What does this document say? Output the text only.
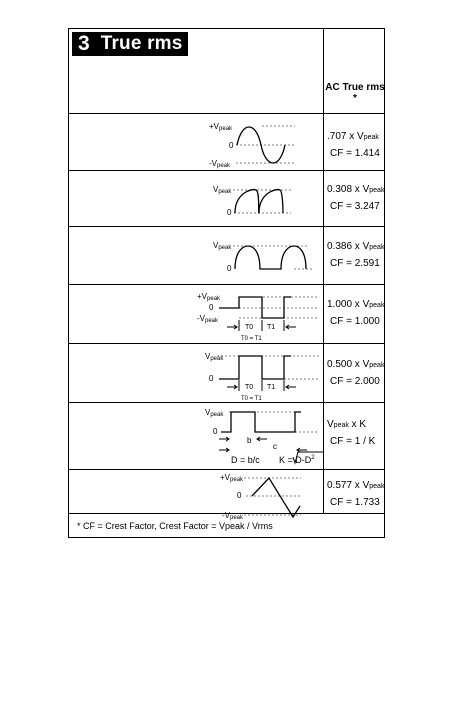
3 True rms
AC True rms *
+Vpeak
0
-Vpeak
Vpeak
0
Vpeak
0
+Vpeak
0
-Vpeak
T0 T1
T0 = T1
Vpeak
0
T0 T1
T0 = T1
Vpeak
0
b
c
D = b/c $K = D-D^2$
+Vpeak
0
-Vpeak
.707 x Vpeak
CF = 1.414
0.308 x Vpeak
CF = 3.247
0.386 x Vpeak
CF = 2.591
1.000 x Vpeak
CF = 1.000
0.500 x Vpeak
CF = 2.000
Vpeak x K
CF = 1 / K
0.577 x Vpeak
CF = 1.733
* CF = Crest Factor, Crest Factor = Vpeak / Vrms
